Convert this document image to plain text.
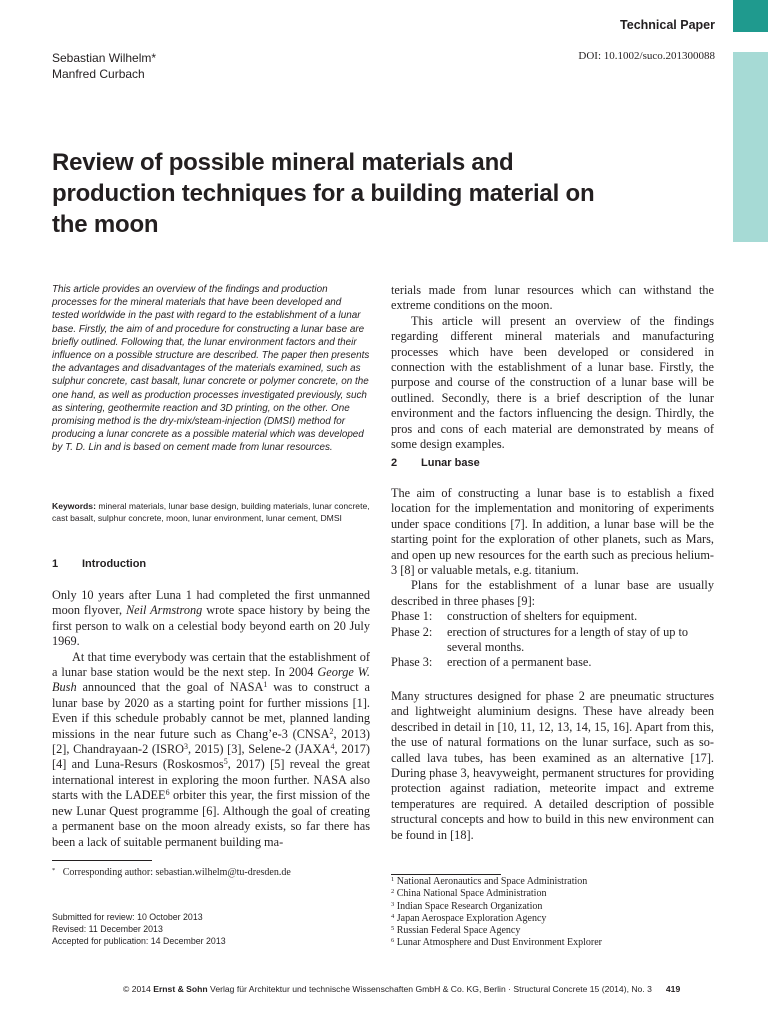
Technical Paper
Sebastian Wilhelm*
Manfred Curbach
DOI: 10.1002/suco.201300088
Review of possible mineral materials and production techniques for a building material on the moon

This article provides an overview of the findings and production processes for the mineral materials that have been developed and tested worldwide in the past with regard to the establishment of a lunar base. Firstly, the aim of and procedure for constructing a lunar base are briefly outlined. Following that, the lunar environment factors and their influence on a possible structure are described. The paper then presents the advantages and disadvantages of the materials examined, such as sulphur concrete, cast basalt, lunar concrete or polymer concrete, on the one hand, as well as production processes investigated previously, such as sintering, geothermite reaction and 3D printing, on the other. One promising method is the dry-mix/steam-injection (DMSI) method for producing a lunar concrete as a possible material which was developed by T. D. Lin and is based on cement made from lunar resources.

Keywords: mineral materials, lunar base design, building materials, lunar concrete, cast basalt, sulphur concrete, moon, lunar environment, lunar cement, DMSI
1 Introduction

Only 10 years after Luna 1 had completed the first unmanned moon flyover, Neil Armstrong wrote space history by being the first person to walk on a celestial body beyond earth on 20 July 1969.

At that time everybody was certain that the establishment of a lunar base station would be the next step. In 2004 George W. Bush announced that the goal of NASA$^1$ was to construct a lunar base by 2020 as a starting point for further missions [1]. Even if this schedule probably cannot be met, planned landing missions in the near future such as Chang’e-3 (CNSA$^2$, 2013) [2], Chandrayaan-2 (ISRO$^3$, 2015) [3], Selene-2 (JAXA$^4$, 2017) [4] and Luna-Resurs (Roskosmos$^5$, 2017) [5] reveal the great international interest in exploring the moon further. NASA also starts with the LADEE$^6$ orbiter this year, the first mission of the new Lunar Quest programme [6]. Although the goal of creating a permanent base on the moon already exists, so far there has been a lack of suitable permanent building ma-

* Corresponding author: sebastian.wilhelm@tu-dresden.de
Submitted for review: 10 October 2013
Revised: 11 December 2013
Accepted for publication: 14 December 2013

terials made from lunar resources which can withstand the extreme conditions on the moon.

This article will present an overview of the findings regarding different mineral materials and manufacturing processes which have been developed or considered in connection with the establishment of a lunar base. Firstly, the purpose and course of the construction of a lunar base will be outlined. Secondly, there is a brief description of the lunar environment and the factors influencing the design. Thirdly, the pros and cons of each material are demonstrated by means of some design examples.

2 Lunar base

The aim of constructing a lunar base is to establish a fixed location for the implementation and monitoring of experiments under space conditions [7]. In addition, a lunar base will be the starting point for the exploration of other planets, such as Mars, and open up new resources for the earth such as precious helium-3 [8] or valuable metals, e.g. titanium.

Plans for the establishment of a lunar base are usually described in three phases [9]:

Phase 1:	construction of shelters for equipment.
Phase 2:	erection of structures for a length of stay of up to several months.
Phase 3:	erection of a permanent base.

Many structures designed for phase 2 are pneumatic structures and lightweight aluminium designs. These have already been described in detail in [10, 11, 12, 13, 14, 15, 16]. Apart from this, the use of natural formations on the lunar surface, such as so-called lava tubes, has been examined as an alternative [17]. During phase 3, heavyweight, permanent structures for providing protection against radiation, meteorite impact and extreme temperatures are required. A detailed description of possible structural concepts and how to build in this new environment can be found in [18].

$^1$ National Aeronautics and Space Administration
$^2$ China National Space Administration
$^3$ Indian Space Research Organization
$^4$ Japan Aerospace Exploration Agency
$^5$ Russian Federal Space Agency
$^6$ Lunar Atmosphere and Dust Environment Explorer
© 2014 Ernst & Sohn Verlag für Architektur und technische Wissenschaften GmbH & Co. KG, Berlin · Structural Concrete 15 (2014), No. 3 419
